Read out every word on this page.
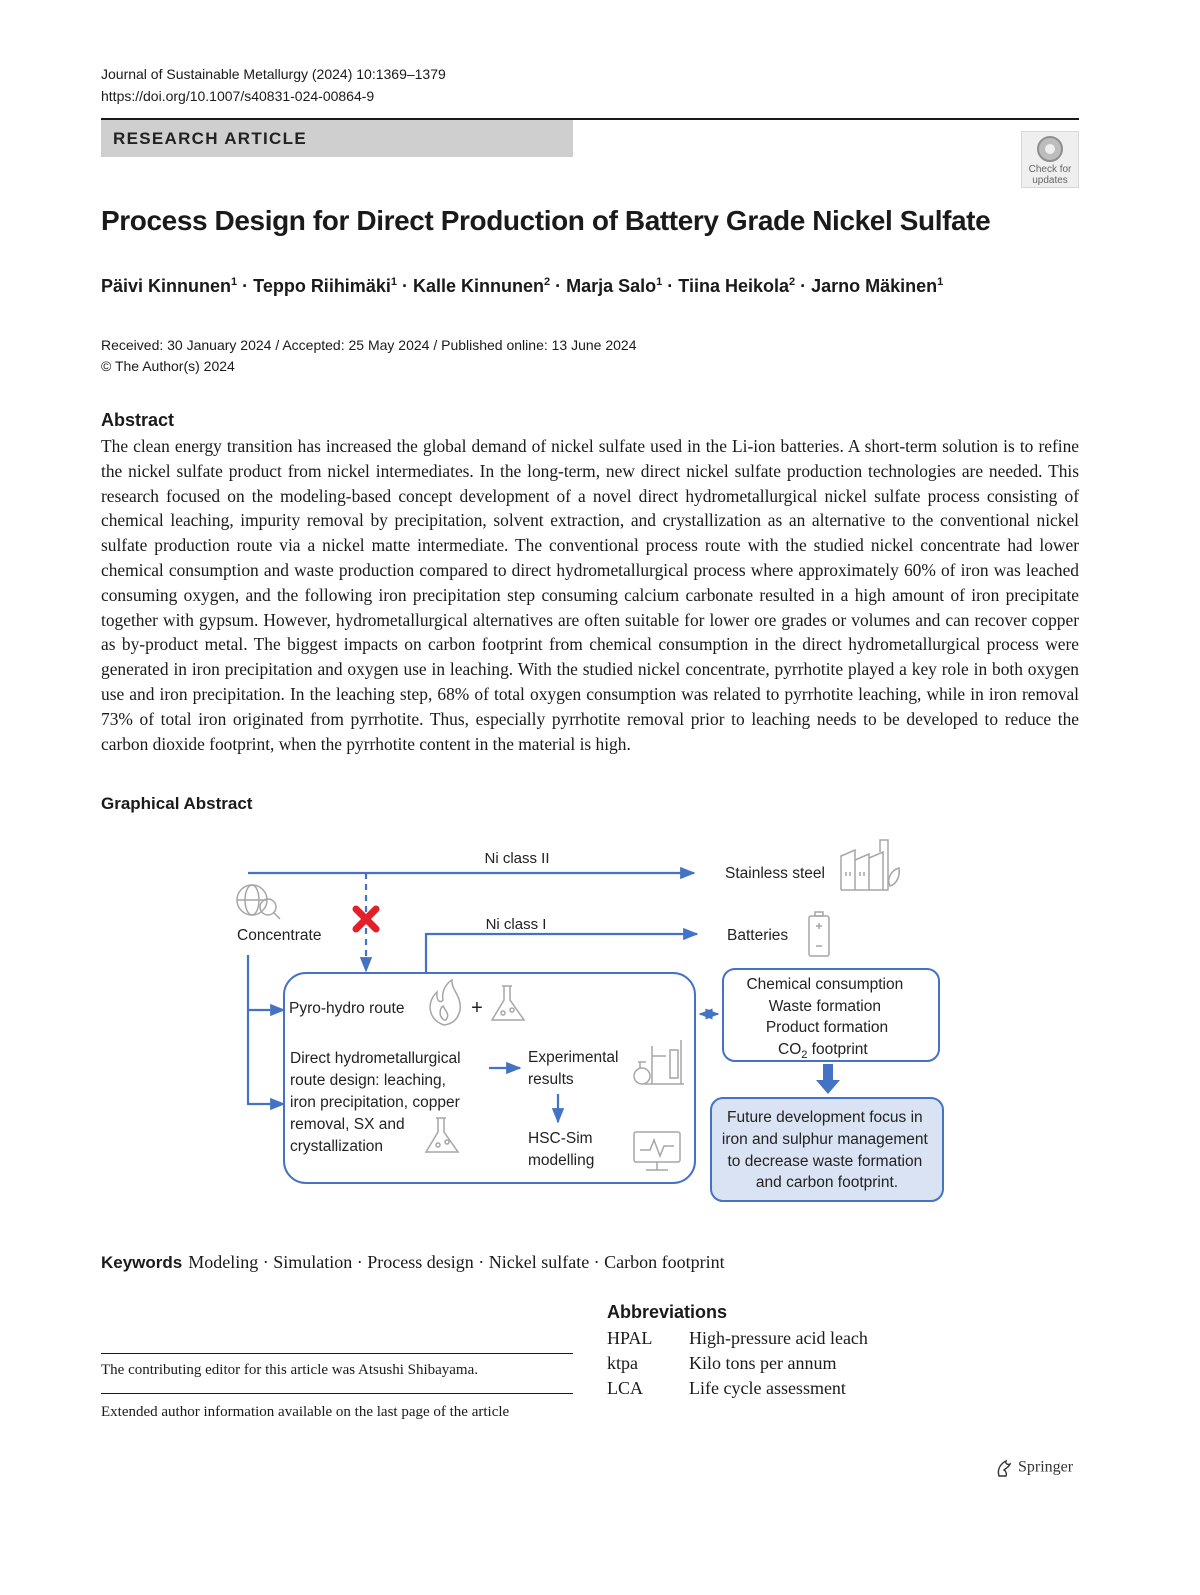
Journal of Sustainable Metallurgy (2024) 10:1369–1379
https://doi.org/10.1007/s40831-024-00864-9
RESEARCH ARTICLE
Check for updates
Process Design for Direct Production of Battery Grade Nickel Sulfate
Päivi Kinnunen$^1$ · Teppo Riihimäki$^1$ · Kalle Kinnunen$^2$ · Marja Salo$^1$ · Tiina Heikola$^2$ · Jarno Mäkinen$^1$
Received: 30 January 2024 / Accepted: 25 May 2024 / Published online: 13 June 2024
© The Author(s) 2024
Abstract

The clean energy transition has increased the global demand of nickel sulfate used in the Li-ion batteries. A short-term solution is to refine the nickel sulfate product from nickel intermediates. In the long-term, new direct nickel sulfate production technologies are needed. This research focused on the modeling-based concept development of a novel direct hydrometallurgical nickel sulfate process consisting of chemical leaching, impurity removal by precipitation, solvent extraction, and crystallization as an alternative to the conventional nickel sulfate production route via a nickel matte intermediate. The conventional process route with the studied nickel concentrate had lower chemical consumption and waste production compared to direct hydrometallurgical process where approximately 60% of iron was leached consuming oxygen, and the following iron precipitation step consuming calcium carbonate resulted in a high amount of iron precipitate together with gypsum. However, hydrometallurgical alternatives are often suitable for lower ore grades or volumes and can recover copper as by-product metal. The biggest impacts on carbon footprint from chemical consumption in the direct hydrometallurgical process were generated in iron precipitation and oxygen use in leaching. With the studied nickel concentrate, pyrrhotite played a key role in both oxygen use and iron precipitation. In the leaching step, 68% of total oxygen consumption was related to pyrrhotite leaching, while in iron removal 73% of total iron originated from pyrrhotite. Thus, especially pyrrhotite removal prior to leaching needs to be developed to reduce the carbon dioxide footprint, when the pyrrhotite content in the material is high.

Graphical Abstract
Ni class II
Ni class I
Stainless steel
Batteries
Concentrate
Pyro-hydro route	+
Direct hydrometallurgical route design: leaching, iron precipitation, copper removal, SX and crystallization
Experimental results
HSC-Sim modelling
Chemical consumption Waste formation Product formation
$CO_2$ footprint
Future development focus in iron and sulphur management to decrease waste formation and carbon footprint.
Keywords Modeling · Simulation · Process design · Nickel sulfate · Carbon footprint
The contributing editor for this article was Atsushi Shibayama.
Extended author information available on the last page of the article
Abbreviations
HPAL High-pressure acid leach
ktpa	Kilo tons per annum
LCA	Life cycle assessment
Springer
